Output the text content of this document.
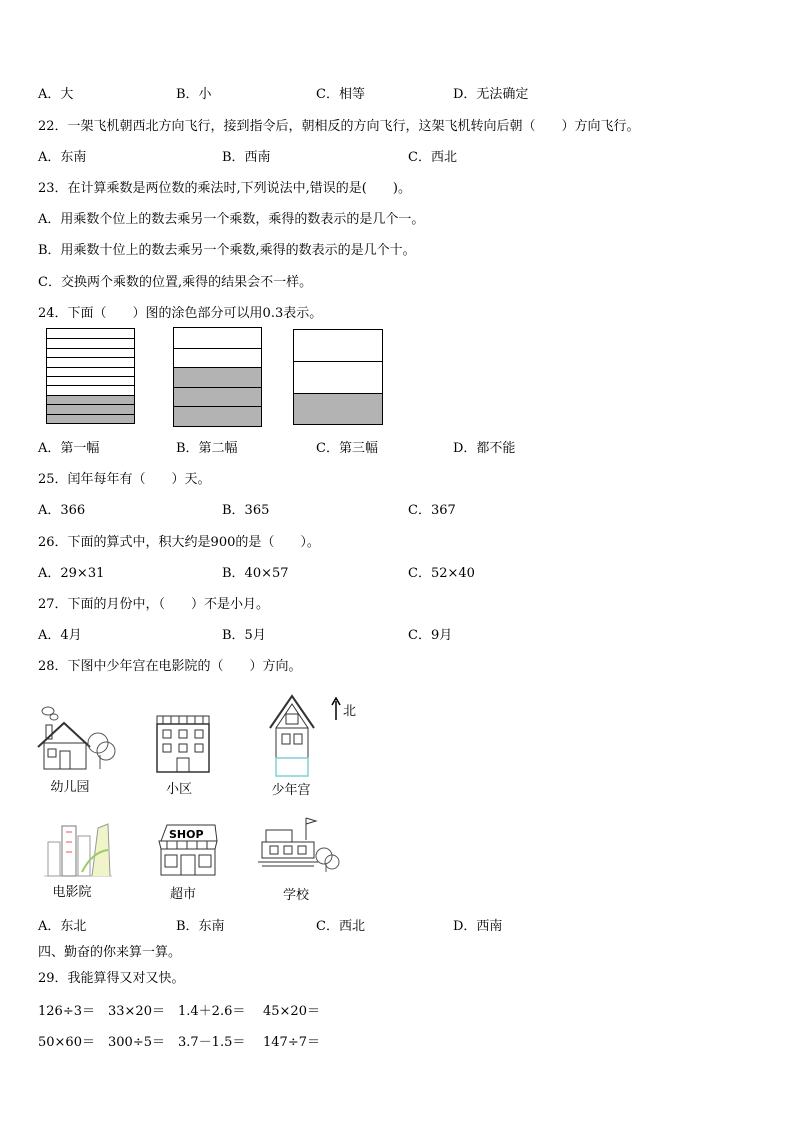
A．大	B．小	C．相等	D．无法确定
22．一架飞机朝西北方向飞行，接到指令后，朝相反的方向飞行，这架飞机转向后朝（　　）方向飞行。
A．东南	B．西南	C．西北
23．在计算乘数是两位数的乘法时,下列说法中,错误的是(　　)。
A．用乘数个位上的数去乘另一个乘数，乘得的数表示的是几个一。
B．用乘数十位上的数去乘另一个乘数,乘得的数表示的是几个十。
C．交换两个乘数的位置,乘得的结果会不一样。
24．下面（　　）图的涂色部分可以用0.3表示。
A．第一幅	B．第二幅	C．第三幅	D．都不能
25．闰年每年有（　　）天。
A．366	B．365	C．367
26．下面的算式中，积大约是900的是（　　）。
A．29×31	B．40×57	C．52×40
27．下面的月份中，（　　）不是小月。
A．4月	B．5月	C．9月
28．下图中少年宫在电影院的（　　）方向。
北
幼儿园	小区	少年宫
电影院
SHOP
超市	学校
A．东北	B．东南	C．西北	D．西南
四、勤奋的你来算一算。
29．我能算得又对又快。
126÷3＝ 33×20＝ 1.4＋2.6＝ 45×20＝
50×60＝ 300÷5＝ 3.7－1.5＝ 147÷7＝
